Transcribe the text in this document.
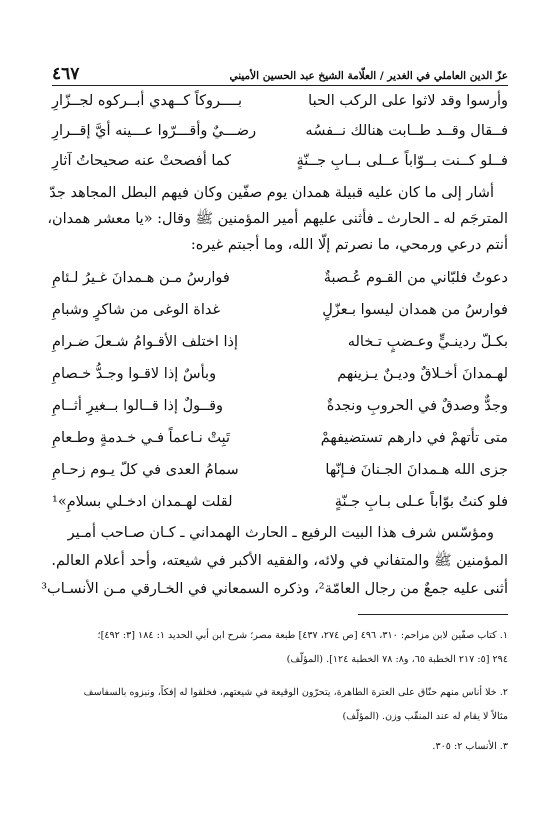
عزّ الدين العاملي في الغدير / العلّامة الشيخ عبد الحسين الأميني
٤٦٧
وأرسوا وقد لاثوا على الركب الحبا
بــــروكاً كــهدي أبــركوه لجــزّارِ
فــقال وقــد طــابت هنالك نــفسُه
رضـــيٌ وأقـــرّوا عـــينه أيَّ إقــرارِ
فــلو كــنت بــوّاباً عــلى بــابِ جــنّةٍ
كما أفصحتْ عنه صحيحاتُ آثارِ
أشار إلى ما كان عليه قبيلة همدان يوم صفّين وكان فيهم البطل المجاهد جدّ
المترجَم له ـ الحارث ـ فأثنى عليهم أمير المؤمنين ﷺ وقال: «يا معشر همدان،
أنتم درعي ورمحي، ما نصرتم إلّا الله، وما أجبتم غيره:
دعوتُ فلبّاني من القـوم عُـصبةٌ
فوارسُ مـن هـمدانَ غـيرُ لـئامِ
فوارسُ من همدان ليسوا بـعزّلٍ
غداة الوغى من شاكرٍ وشبامِ
بكـلّ ردينـيٍّ وعـضبٍ تـخاله
إذا اختلف الأقـوامُ شـعلَ ضـرامِ
لهـمدانَ أخـلاقٌ وديـنٌ يـزينهم
وبأسٌ إذا لاقـوا وجـدُّ خـصامِ
وجدٌّ وصدقٌ في الحروبِ ونجدةٌ
وقــولٌ إذا قــالوا بــغيرِ أثــامِ
متى تأتهمْ في دارهم تستضيفهمْ
تَبِتْ نـاعماً فـي خـدمةٍ وطـعامِ
جزى الله هـمدانَ الجـنانَ فـإنّها
سمامُ العدى في كلّ يـوم زحـامِ
فلو كنتُ بوّاباً عـلى بـابِ جـنّةٍ
لقلت لهـمدان ادخـلي بسلامِ»¹
ومؤسّس شرف هذا البيت الرفيع ـ الحارث الهمداني ـ كـان صـاحب أمـير
المؤمنين ﷺ والمتفاني في ولائه، والفقيه الأكبر في شيعته، وأحد أعلام العالم.
أثنى عليه جمعٌ من رجال العامّة²، وذكره السمعاني في الخـارقي مـن الأنسـاب³
١. كتاب صفّين لابن مزاحم: ٣١٠، ٤٩٦ [ص ٢٧٤، ٤٣٧] طبعة مصر؛ شرح ابن أبي الحديد ١: ١٨٤ [٣: ٤٩٢]؛
٢٩٤ [٥: ٢١٧ الخطبة ٦٥، و٨: ٧٨ الخطبة ١٢٤]. (المؤلّف)
٢. خلا أناس منهم حنّاق على العترة الطاهرة، يتحرّون الوقيعة في شيعتهم، فخلقوا له إفكاً، ونبزوه بالسفاسف
مثالاً لا يقام له عند المنقّب وزن. (المؤلّف)
٣. الأنساب ٢: ٣٠٥.
